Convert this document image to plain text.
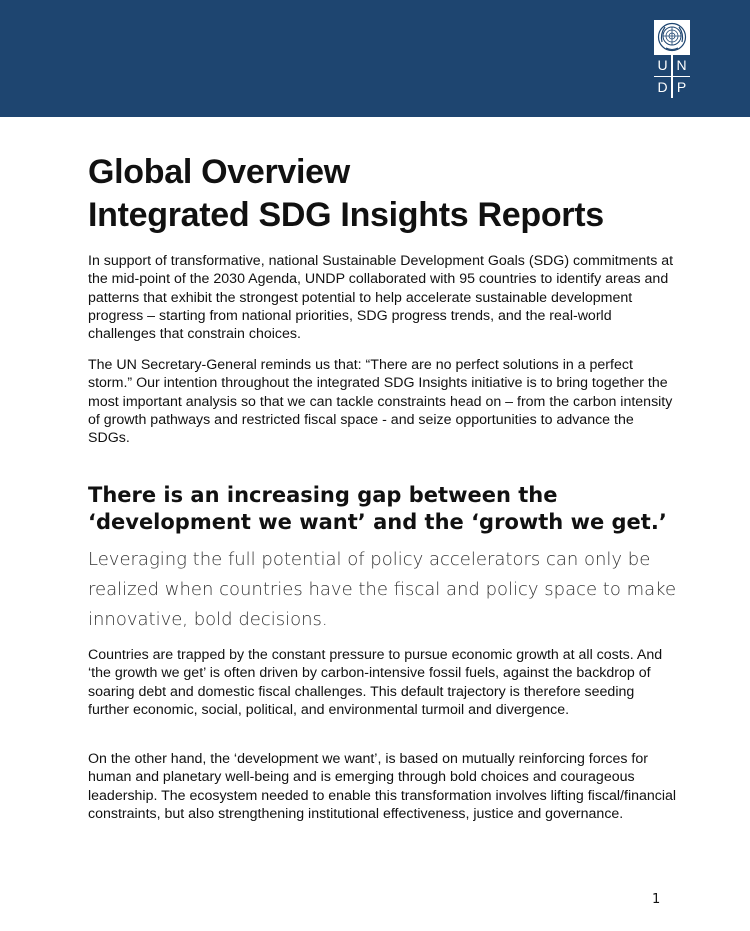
U N
D P
Global Overview
Integrated SDG Insights Reports

In support of transformative, national Sustainable Development Goals (SDG) commitments at the mid-point of the 2030 Agenda, UNDP collaborated with 95 countries to identify areas and patterns that exhibit the strongest potential to help accelerate sustainable development progress – starting from national priorities, SDG progress trends, and the real-world challenges that constrain choices.

The UN Secretary-General reminds us that: “There are no perfect solutions in a perfect storm.” Our intention throughout the integrated SDG Insights initiative is to bring together the most important analysis so that we can tackle constraints head on – from the carbon intensity of growth pathways and restricted fiscal space - and seize opportunities to advance the SDGs.

There is an increasing gap between the ‘development we want’ and the ‘growth we get.’

Leveraging the full potential of policy accelerators can only be realized when countries have the fiscal and policy space to make innovative, bold decisions.

Countries are trapped by the constant pressure to pursue economic growth at all costs. And ‘the growth we get’ is often driven by carbon-intensive fossil fuels, against the backdrop of soaring debt and domestic fiscal challenges. This default trajectory is therefore seeding further economic, social, political, and environmental turmoil and divergence.

On the other hand, the ‘development we want’, is based on mutually reinforcing forces for human and planetary well-being and is emerging through bold choices and courageous leadership. The ecosystem needed to enable this transformation involves lifting fiscal/financial constraints, but also strengthening institutional effectiveness, justice and governance.

1
